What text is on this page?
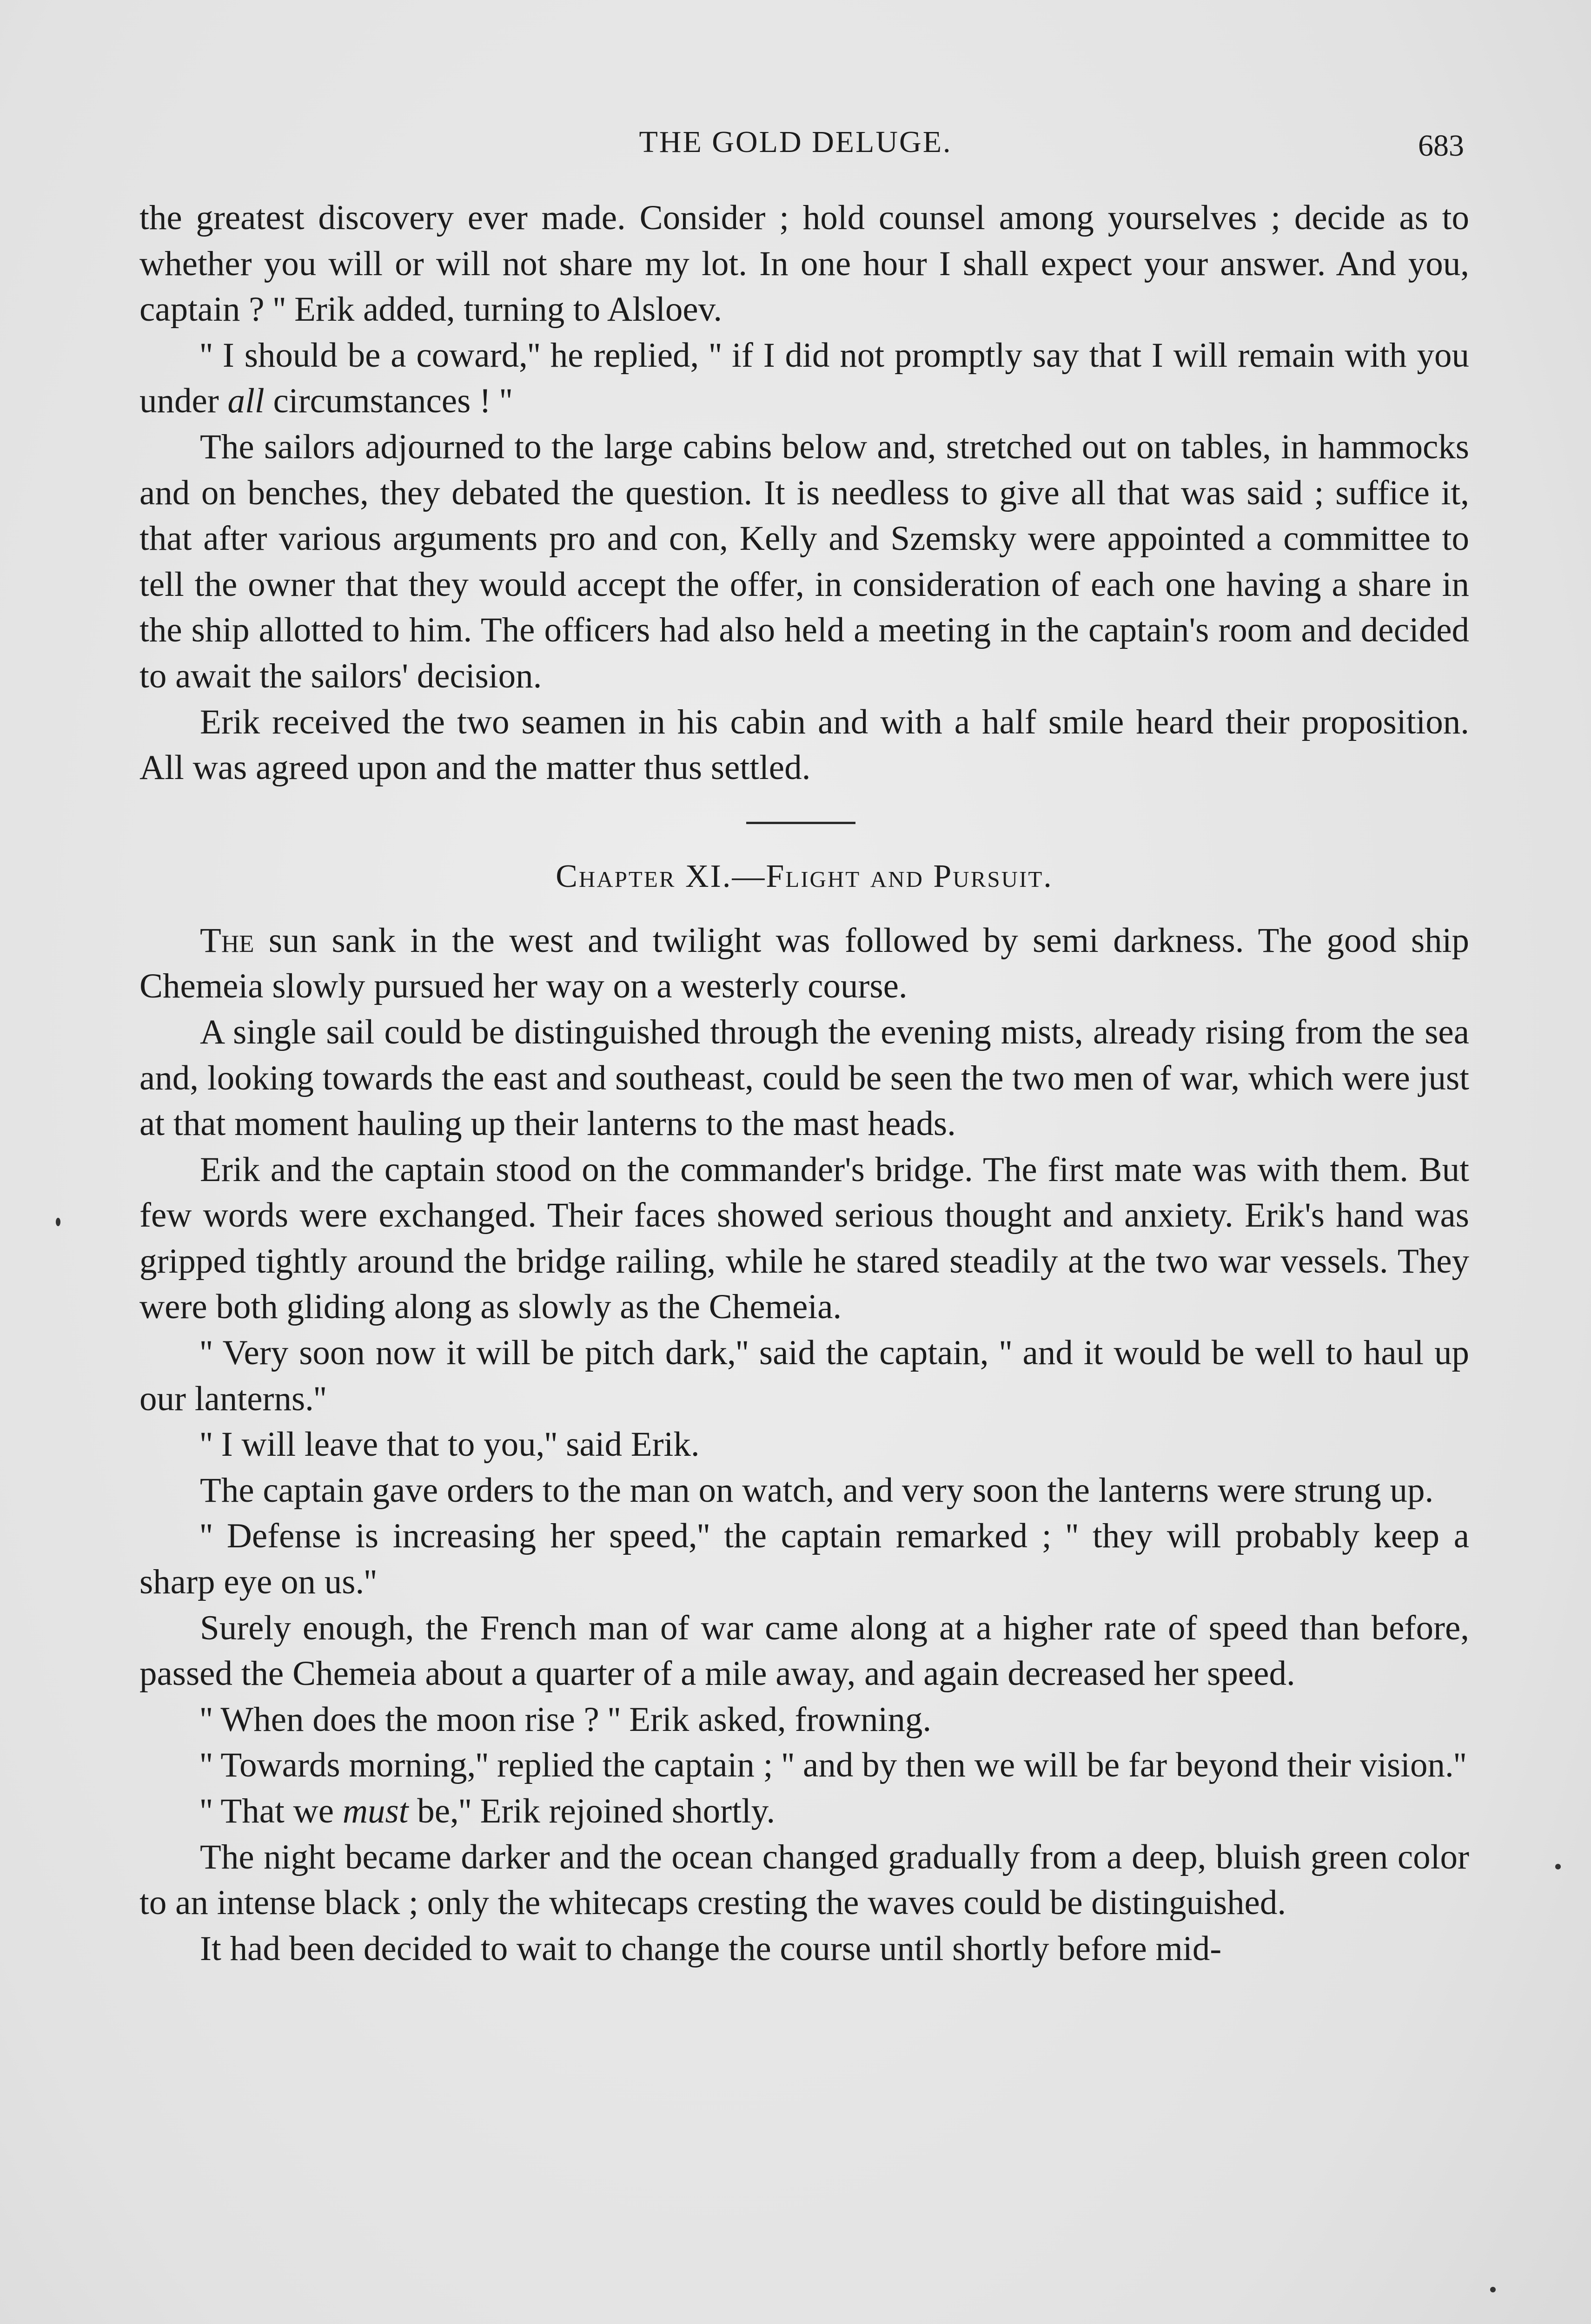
THE GOLD DELUGE.	683

the greatest discovery ever made. Consider ; hold counsel among yourselves ; decide as to whether you will or will not share my lot. In one hour I shall expect your answer. And you, captain ? '' Erik added, turning to Alsloev.

'' I should be a coward,'' he replied, '' if I did not promptly say that I will remain with you under all circumstances ! ''

The sailors adjourned to the large cabins below and, stretched out on tables, in hammocks and on benches, they debated the question. It is needless to give all that was said ; suffice it, that after various arguments pro and con, Kelly and Szemsky were appointed a committee to tell the owner that they would accept the offer, in consideration of each one having a share in the ship allotted to him. The officers had also held a meeting in the captain's room and decided to await the sailors' decision.

Erik received the two seamen in his cabin and with a half smile heard their proposition. All was agreed upon and the matter thus settled.

Chapter XI.—Flight and Pursuit.

The sun sank in the west and twilight was followed by semi darkness. The good ship Chemeia slowly pursued her way on a westerly course.

A single sail could be distinguished through the evening mists, already rising from the sea and, looking towards the east and southeast, could be seen the two men of war, which were just at that moment hauling up their lanterns to the mast heads.

Erik and the captain stood on the commander's bridge. The first mate was with them. But few words were exchanged. Their faces showed serious thought and anxiety. Erik's hand was gripped tightly around the bridge railing, while he stared steadily at the two war vessels. They were both gliding along as slowly as the Chemeia.

'' Very soon now it will be pitch dark,'' said the captain, '' and it would be well to haul up our lanterns.''

'' I will leave that to you,'' said Erik.

The captain gave orders to the man on watch, and very soon the lanterns were strung up.

'' Defense is increasing her speed,'' the captain remarked ; '' they will probably keep a sharp eye on us.''

Surely enough, the French man of war came along at a higher rate of speed than before, passed the Chemeia about a quarter of a mile away, and again decreased her speed.

'' When does the moon rise ? '' Erik asked, frowning.

'' Towards morning,'' replied the captain ; '' and by then we will be far beyond their vision.''

'' That we must be,'' Erik rejoined shortly.

The night became darker and the ocean changed gradually from a deep, bluish green color to an intense black ; only the whitecaps cresting the waves could be distinguished.

It had been decided to wait to change the course until shortly before mid-
